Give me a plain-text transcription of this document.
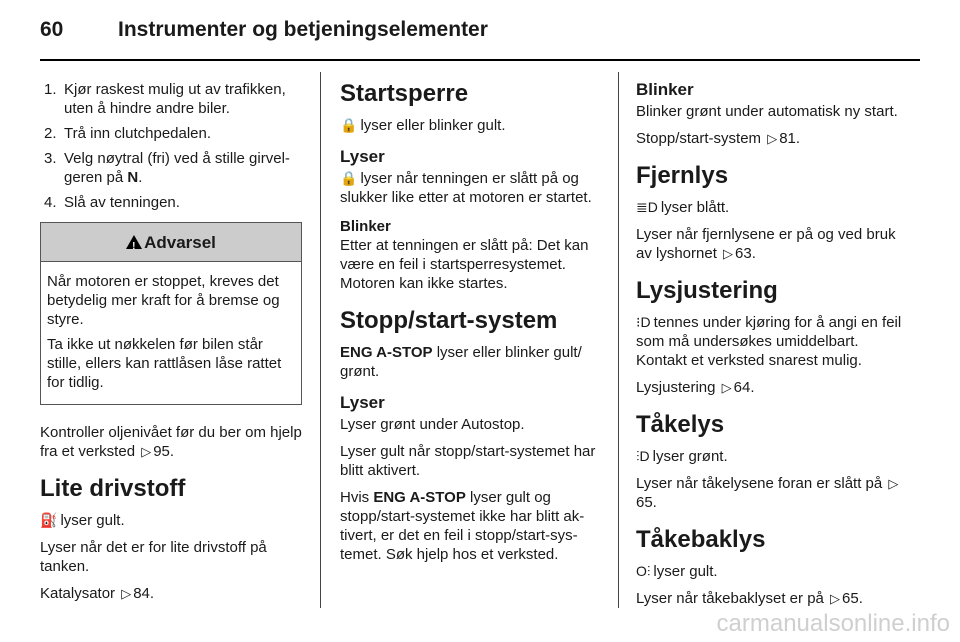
60	Instrumenter og betjeningselementer
1. Kjør raskest mulig ut av trafikken, uten å hindre andre biler.
2. Trå inn clutchpedalen.
3. Velg nøytral (fri) ved å stille girvelgeren på N.
4. Slå av tenningen.
!
Advarsel

Når motoren er stoppet, kreves det betydelig mer kraft for å bremse og styre.

Ta ikke ut nøkkelen før bilen står stille, ellers kan rattlåsen låse rattet for tidlig.

Kontroller oljenivået før du ber om hjelp fra et verksted ▷ 95.

Lite drivstoff

⛽ lyser gult.

Lyser når det er for lite drivstoff på tanken.

Katalysator ▷ 84.

Startsperre

🔒 lyser eller blinker gult.

Lyser

🔒 lyser når tenningen er slått på og slukker like etter at motoren er startet.

Blinker

Etter at tenningen er slått på: Det kan være en feil i startsperresystemet. Motoren kan ikke startes.

Stopp/start-system

ENG A-STOP lyser eller blinker gult/ grønt.

Lyser

Lyser grønt under Autostop.

Lyser gult når stopp/start-systemet har blitt aktivert.

Hvis ENG A-STOP lyser gult og stopp/start-systemet ikke har blitt aktivert, er det en feil i stopp/start-systemet. Søk hjelp hos et verksted.

Blinker

Blinker grønt under automatisk ny start.

Stopp/start-system ▷ 81.

Fjernlys

≣D lyser blått.

Lyser når fjernlysene er på og ved bruk av lyshornet ▷ 63.

Lysjustering

⁝D tennes under kjøring for å angi en feil som må undersøkes umiddelbart. Kontakt et verksted snarest mulig.

Lysjustering ▷ 64.

Tåkelys

⫶D lyser grønt.

Lyser når tåkelysene foran er slått på ▷65.

Tåkebaklys

O⫶ lyser gult.

Lyser når tåkebaklyset er på ▷ 65.

carmanualsonline.info
